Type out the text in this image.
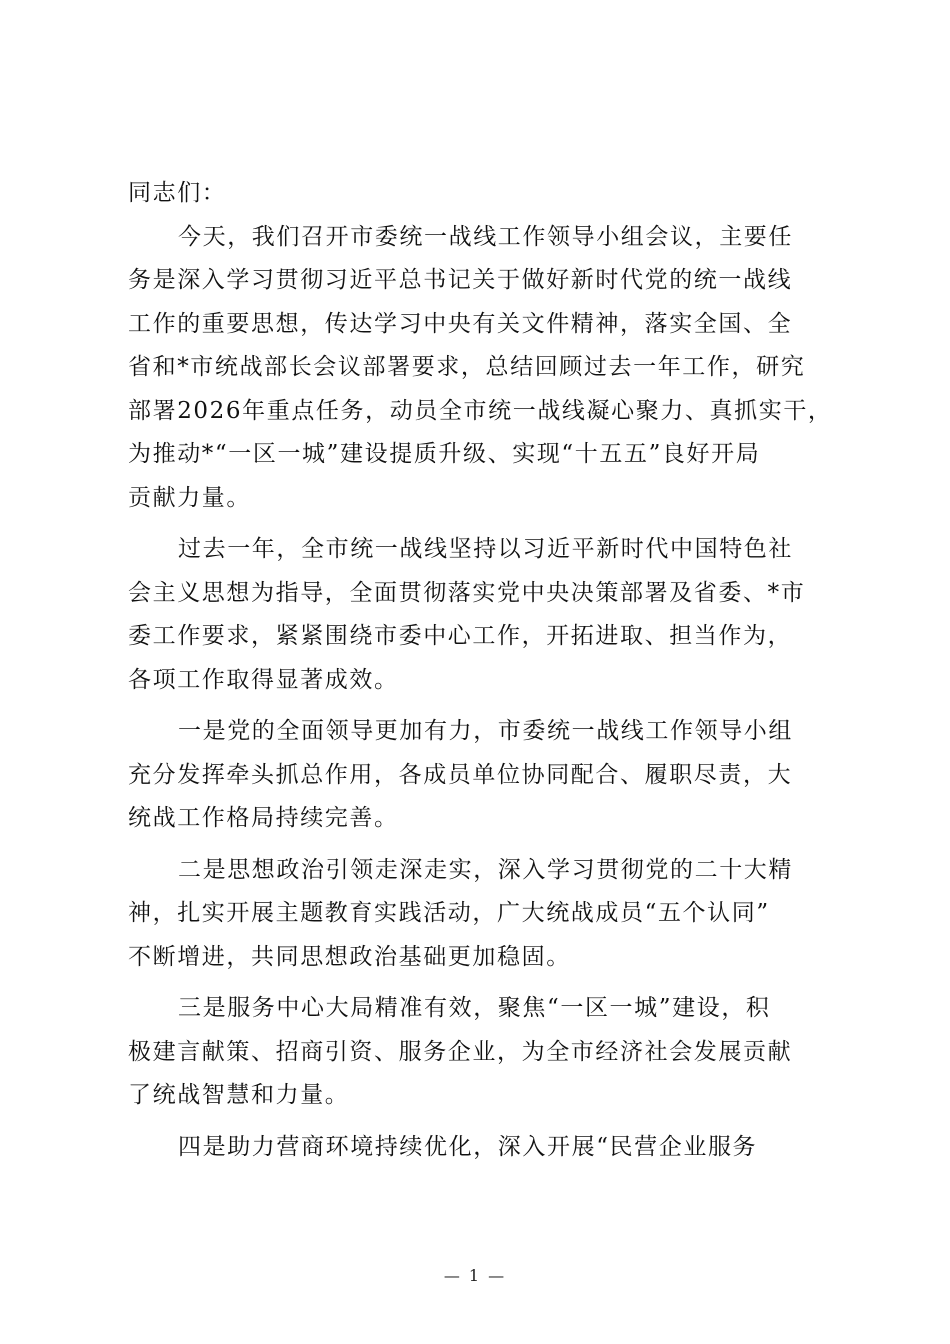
同志们：
今天，我们召开市委统一战线工作领导小组会议，主要任
务是深入学习贯彻习近平总书记关于做好新时代党的统一战线
工作的重要思想，传达学习中央有关文件精神，落实全国、全
省和*市统战部长会议部署要求，总结回顾过去一年工作，研究
部署2026年重点任务，动员全市统一战线凝心聚力、真抓实干，
为推动*“一区一城”建设提质升级、实现“十五五”良好开局
贡献力量。
过去一年，全市统一战线坚持以习近平新时代中国特色社
会主义思想为指导，全面贯彻落实党中央决策部署及省委、*市
委工作要求，紧紧围绕市委中心工作，开拓进取、担当作为，
各项工作取得显著成效。
一是党的全面领导更加有力，市委统一战线工作领导小组
充分发挥牵头抓总作用，各成员单位协同配合、履职尽责，大
统战工作格局持续完善。
二是思想政治引领走深走实，深入学习贯彻党的二十大精
神，扎实开展主题教育实践活动，广大统战成员“五个认同”
不断增进，共同思想政治基础更加稳固。
三是服务中心大局精准有效，聚焦“一区一城”建设，积
极建言献策、招商引资、服务企业，为全市经济社会发展贡献
了统战智慧和力量。
四是助力营商环境持续优化，深入开展“民营企业服务
— 1 —
